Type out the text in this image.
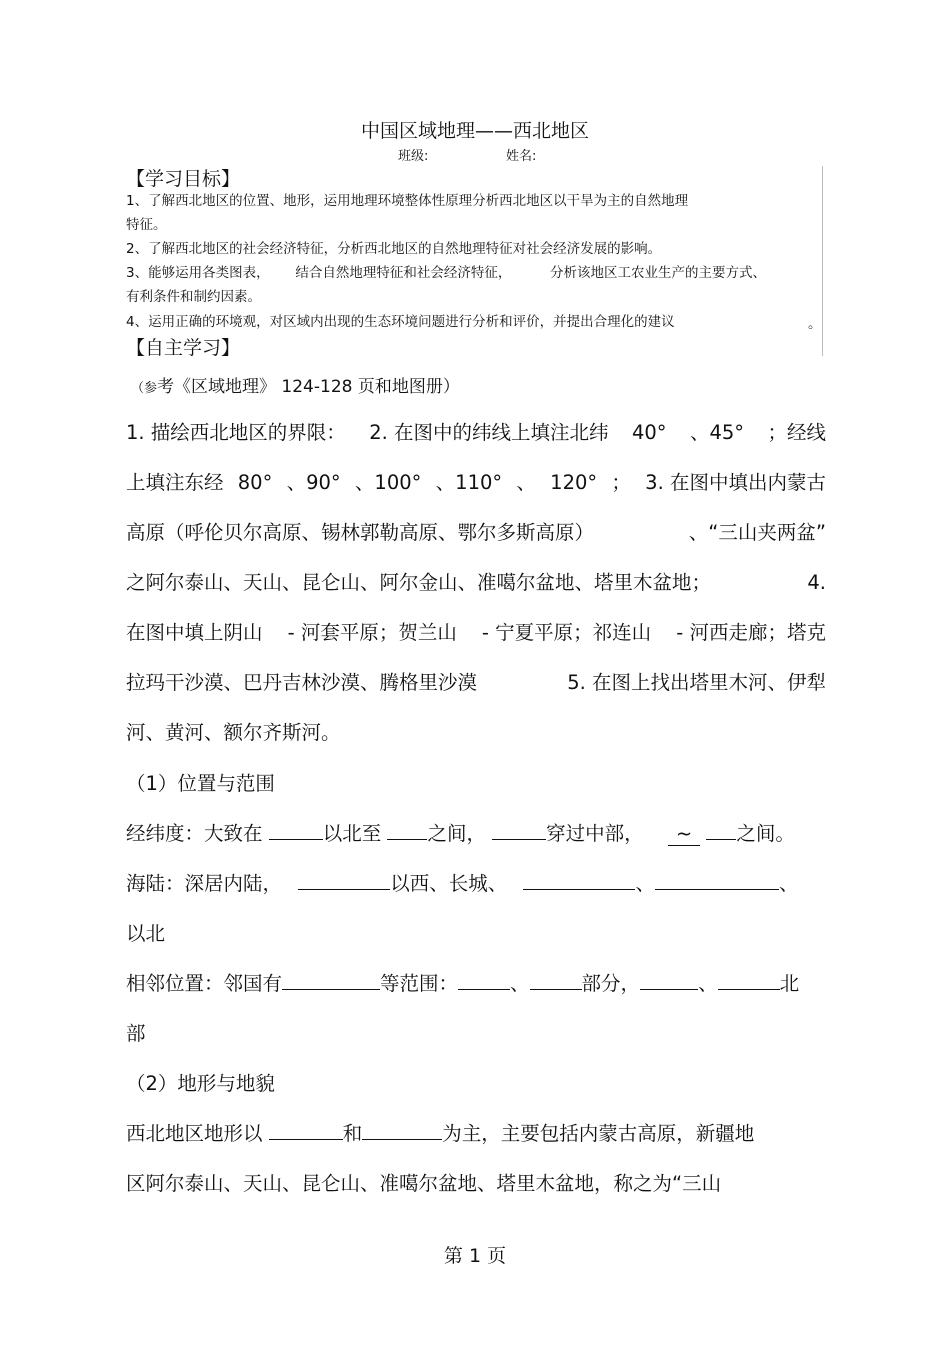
中国区域地理——西北地区
班级:	姓名:
【学习目标】
1、了解西北地区的位置、地形，运用地理环境整体性原理分析西北地区以干旱为主的自然地理
特征。
2、了解西北地区的社会经济特征，分析西北地区的自然地理特征对社会经济发展的影响。
3、能够运用各类图表，      结合自然地理特征和社会经济特征，         分析该地区工农业生产的主要方式、
有利条件和制约因素。
4、运用正确的环境观，对区域内出现的生态环境问题进行分析和评价，并提出合理化的建议	。
【自主学习】
（参考《区域地理》 124-128 页和地图册）
1. 描绘西北地区的界限： 2. 在图中的纬线上填注北纬 40° 、45° ；经线
上填注东经 80° 、90° 、100° 、110° 、 120° ； 3. 在图中填出内蒙古
高原（呼伦贝尔高原、锡林郭勒高原、鄂尔多斯高原）	、“三山夹两盆”
之阿尔泰山、天山、昆仑山、阿尔金山、准噶尔盆地、塔里木盆地；	4.
在图中填上阴山 - 河套平原；贺兰山 - 宁夏平原；祁连山 - 河西走廊；塔克
拉玛干沙漠、巴丹吉林沙漠、腾格里沙漠	5. 在图上找出塔里木河、伊犁
河、黄河、额尔齐斯河。
（1）位置与范围
经纬度：大致在	以北至 之间，	穿过中部， ~ 之间。
海陆：深居内陆，	以西、长城、	、	、
以北
相邻位置：邻国有	等范围：	、	部分，	、	北
部
（2）地形与地貌
西北地区地形以	和	为主，主要包括内蒙古高原，新疆地
区阿尔泰山、天山、昆仑山、准噶尔盆地、塔里木盆地，称之为“三山
第 1 页
